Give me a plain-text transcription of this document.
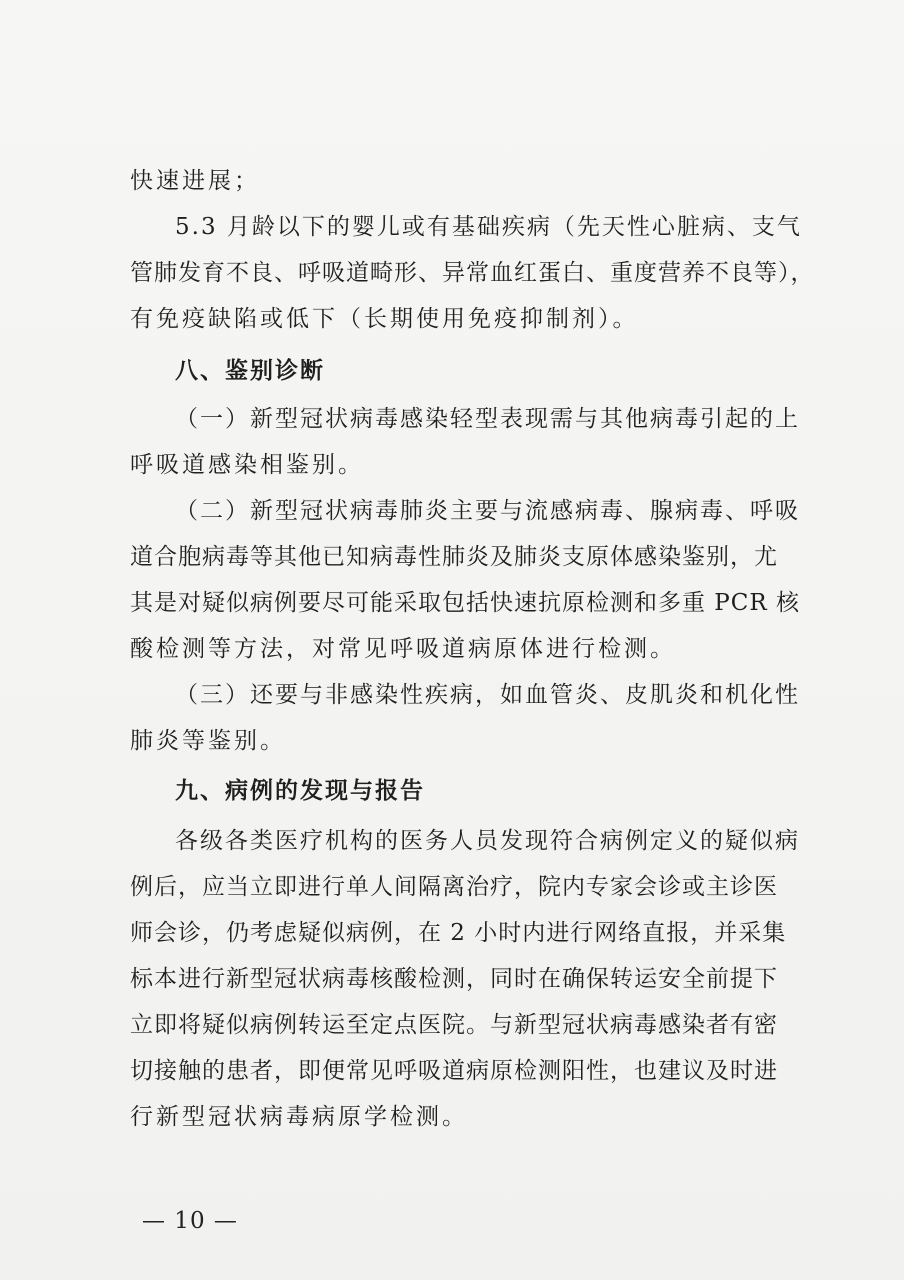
快速进展；

5.3 月龄以下的婴儿或有基础疾病（先天性心脏病、支气

管肺发育不良、呼吸道畸形、异常血红蛋白、重度营养不良等），

有免疫缺陷或低下（长期使用免疫抑制剂）。

八、鉴别诊断

（一）新型冠状病毒感染轻型表现需与其他病毒引起的上

呼吸道感染相鉴别。

（二）新型冠状病毒肺炎主要与流感病毒、腺病毒、呼吸

道合胞病毒等其他已知病毒性肺炎及肺炎支原体感染鉴别，尤

其是对疑似病例要尽可能采取包括快速抗原检测和多重 PCR 核

酸检测等方法，对常见呼吸道病原体进行检测。

（三）还要与非感染性疾病，如血管炎、皮肌炎和机化性

肺炎等鉴别。

九、病例的发现与报告

各级各类医疗机构的医务人员发现符合病例定义的疑似病

例后，应当立即进行单人间隔离治疗，院内专家会诊或主诊医

师会诊，仍考虑疑似病例，在 2 小时内进行网络直报，并采集

标本进行新型冠状病毒核酸检测，同时在确保转运安全前提下

立即将疑似病例转运至定点医院。与新型冠状病毒感染者有密

切接触的患者，即便常见呼吸道病原检测阳性，也建议及时进

行新型冠状病毒病原学检测。

— 10 —
